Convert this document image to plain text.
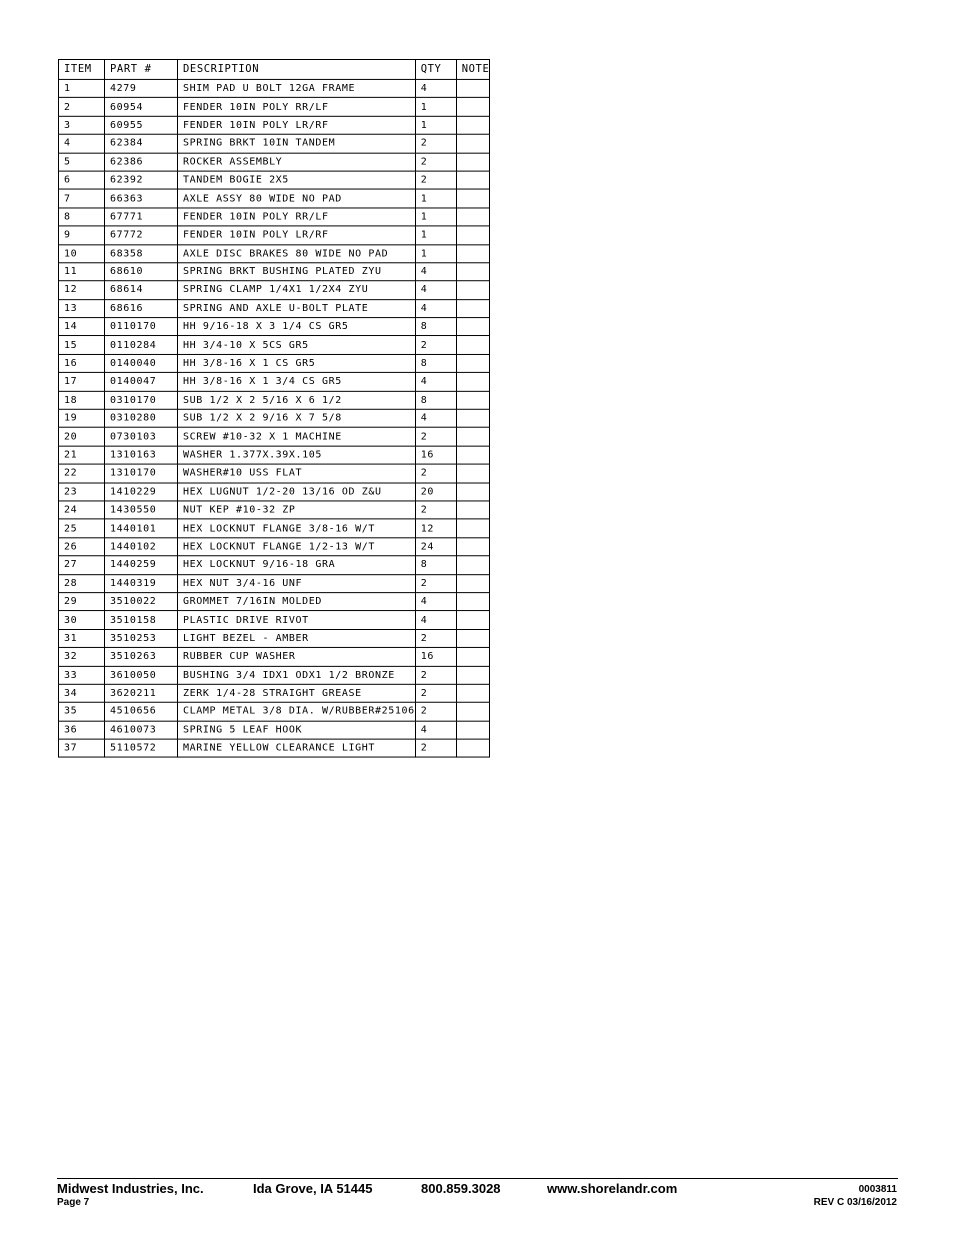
ITEM	PART #	DESCRIPTION	QTY	NOTE
1	4279	SHIM PAD U BOLT 12GA FRAME	4	
2	60954	FENDER 10IN POLY RR/LF	1	
3	60955	FENDER 10IN POLY LR/RF	1	
4	62384	SPRING BRKT 10IN TANDEM	2	
5	62386	ROCKER ASSEMBLY	2	
6	62392	TANDEM BOGIE 2X5	2	
7	66363	AXLE ASSY 80 WIDE NO PAD	1	
8	67771	FENDER 10IN POLY RR/LF	1	
9	67772	FENDER 10IN POLY LR/RF	1	
10	68358	AXLE DISC BRAKES 80 WIDE NO PAD	1	
11	68610	SPRING BRKT BUSHING PLATED ZYU	4	
12	68614	SPRING CLAMP 1/4X1 1/2X4 ZYU	4	
13	68616	SPRING AND AXLE U-BOLT PLATE	4	
14	0110170	HH 9/16-18 X 3 1/4 CS GR5	8	
15	0110284	HH 3/4-10 X 5CS GR5	2	
16	0140040	HH 3/8-16 X 1 CS GR5	8	
17	0140047	HH 3/8-16 X 1 3/4 CS GR5	4	
18	0310170	SUB 1/2 X 2 5/16 X 6 1/2	8	
19	0310280	SUB 1/2 X 2 9/16 X 7 5/8	4	
20	0730103	SCREW #10-32 X 1 MACHINE	2	
21	1310163	WASHER 1.377X.39X.105	16	
22	1310170	WASHER#10 USS FLAT	2	
23	1410229	HEX LUGNUT 1/2-20 13/16 OD Z&U	20	
24	1430550	NUT KEP #10-32 ZP	2	
25	1440101	HEX LOCKNUT FLANGE 3/8-16 W/T	12	
26	1440102	HEX LOCKNUT FLANGE 1/2-13 W/T	24	
27	1440259	HEX LOCKNUT 9/16-18 GRA	8	
28	1440319	HEX NUT 3/4-16 UNF	2	
29	3510022	GROMMET 7/16IN MOLDED	4	
30	3510158	PLASTIC DRIVE RIVOT	4	
31	3510253	LIGHT BEZEL - AMBER	2	
32	3510263	RUBBER CUP WASHER	16	
33	3610050	BUSHING 3/4 IDX1 ODX1 1/2 BRONZE	2	
34	3620211	ZERK 1/4-28 STRAIGHT GREASE	2	
35	4510656	CLAMP METAL 3/8 DIA. W/RUBBER#25106	2	
36	4610073	SPRING 5 LEAF HOOK	4	
37	5110572	MARINE YELLOW CLEARANCE LIGHT	2	
Midwest Industries, Inc.	Ida Grove, IA 51445	800.859.3028	www.shorelandr.com	0003811
Page 7	REV C 03/16/2012
